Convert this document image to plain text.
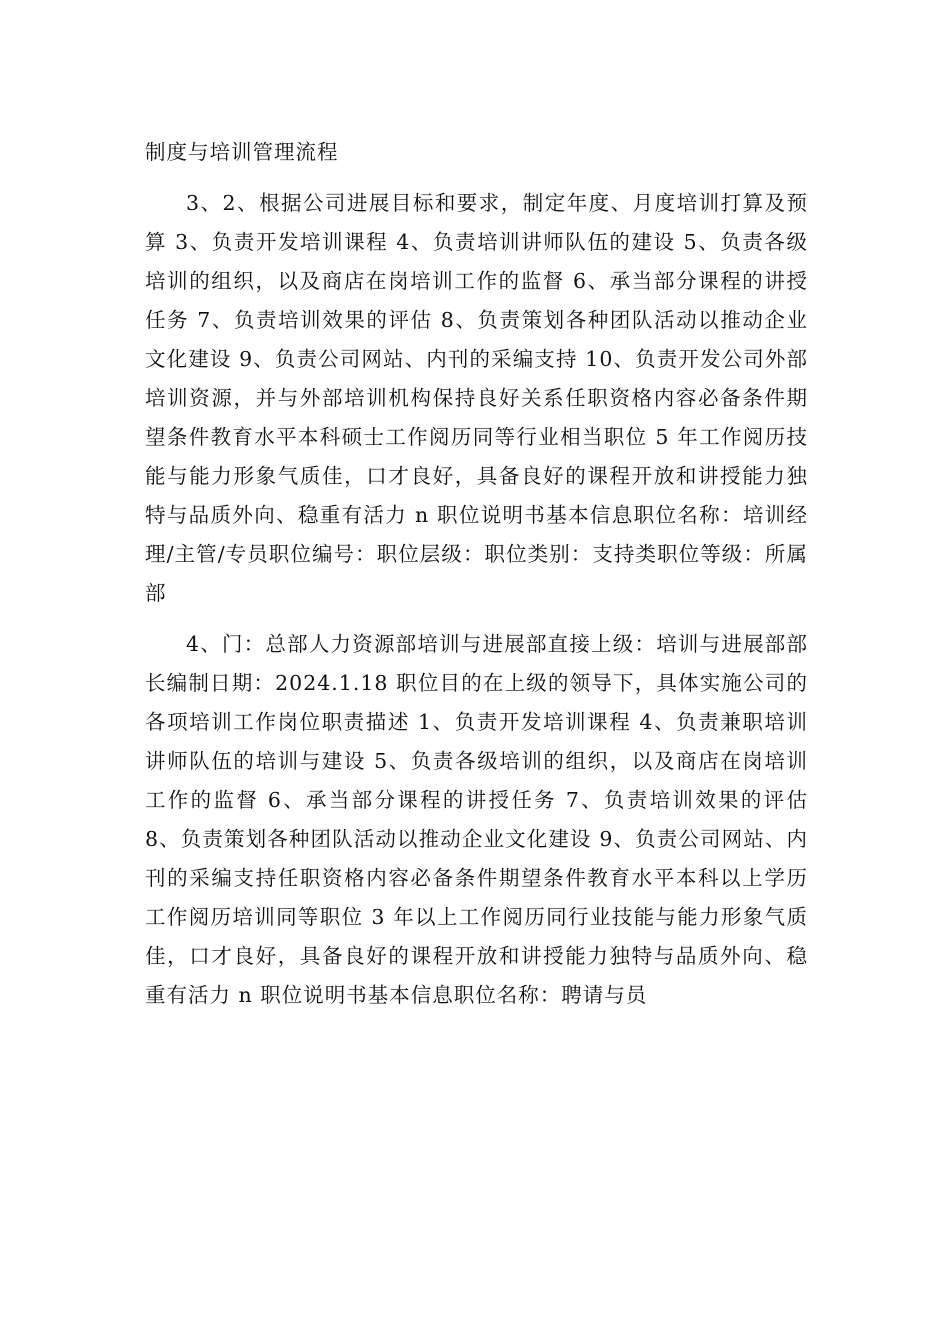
制度与培训管理流程

3、2、根据公司进展目标和要求，制定年度、月度培训打算及预算 3、负责开发培训课程 4、负责培训讲师队伍的建设 5、负责各级培训的组织，以及商店在岗培训工作的监督 6、承当部分课程的讲授任务 7、负责培训效果的评估 8、负责策划各种团队活动以推动企业文化建设 9、负责公司网站、内刊的采编支持 10、负责开发公司外部培训资源，并与外部培训机构保持良好关系任职资格内容必备条件期望条件教育水平本科硕士工作阅历同等行业相当职位 5 年工作阅历技能与能力形象气质佳，口才良好，具备良好的课程开放和讲授能力独特与品质外向、稳重有活力 n 职位说明书基本信息职位名称：培训经理/主管/专员职位编号：职位层级：职位类别：支持类职位等级：所属部

4、门：总部人力资源部培训与进展部直接上级：培训与进展部部长编制日期：2024.1.18 职位目的在上级的领导下，具体实施公司的各项培训工作岗位职责描述 1、负责开发培训课程 4、负责兼职培训讲师队伍的培训与建设 5、负责各级培训的组织，以及商店在岗培训工作的监督 6、承当部分课程的讲授任务 7、负责培训效果的评估 8、负责策划各种团队活动以推动企业文化建设 9、负责公司网站、内刊的采编支持任职资格内容必备条件期望条件教育水平本科以上学历工作阅历培训同等职位 3 年以上工作阅历同行业技能与能力形象气质佳，口才良好，具备良好的课程开放和讲授能力独特与品质外向、稳重有活力 n 职位说明书基本信息职位名称：聘请与员
